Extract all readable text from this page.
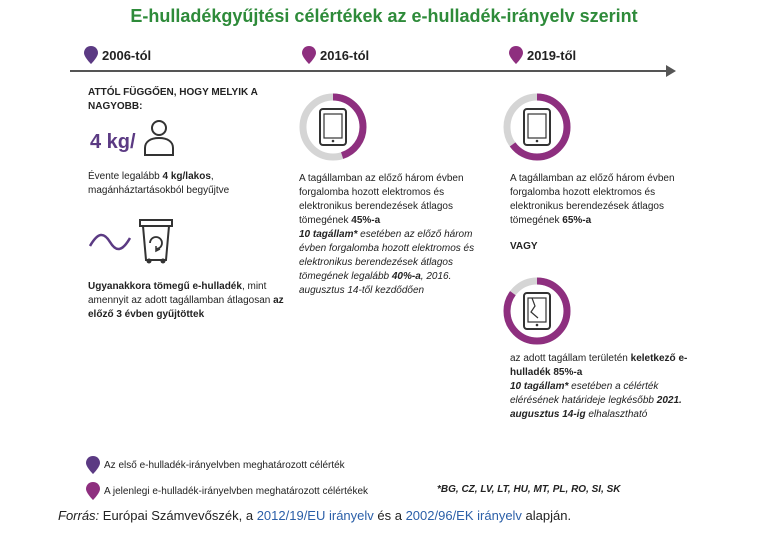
E-hulladékgyűjtési célértékek az e-hulladék-irányelv szerint
2006-tól	2016-tól	2019-től
ATTÓL FÜGGŐEN, HOGY MELYIK A NAGYOBB:
4 kg/
Évente legalább 4 kg/lakos,
magánháztartásokból begyűjtve
Ugyanakkora tömegű e-hulladék, mint amennyit az adott tagállamban átlagosan az előző 3 évben gyűjtöttek
A tagállamban az előző három évben forgalomba hozott elektromos és elektronikus berendezések átlagos tömegének 45%-a
10 tagállam* esetében az előző három évben forgalomba hozott elektromos és elektronikus berendezések átlagos tömegének legalább 40%-a, 2016. augusztus 14-től kezdődően
A tagállamban az előző három évben forgalomba hozott elektromos és elektronikus berendezések átlagos tömegének 65%-a
VAGY
az adott tagállam területén keletkező e-hulladék 85%-a
10 tagállam* esetében a célérték elérésének határideje legkésőbb 2021. augusztus 14-ig elhalasztható
Az első e-hulladék-irányelvben meghatározott célérték
A jelenlegi e-hulladék-irányelvben meghatározott célértékek	*BG, CZ, LV, LT, HU, MT, PL, RO, SI, SK
Forrás: Európai Számvevőszék, a 2012/19/EU irányelv és a 2002/96/EK irányelv alapján.
